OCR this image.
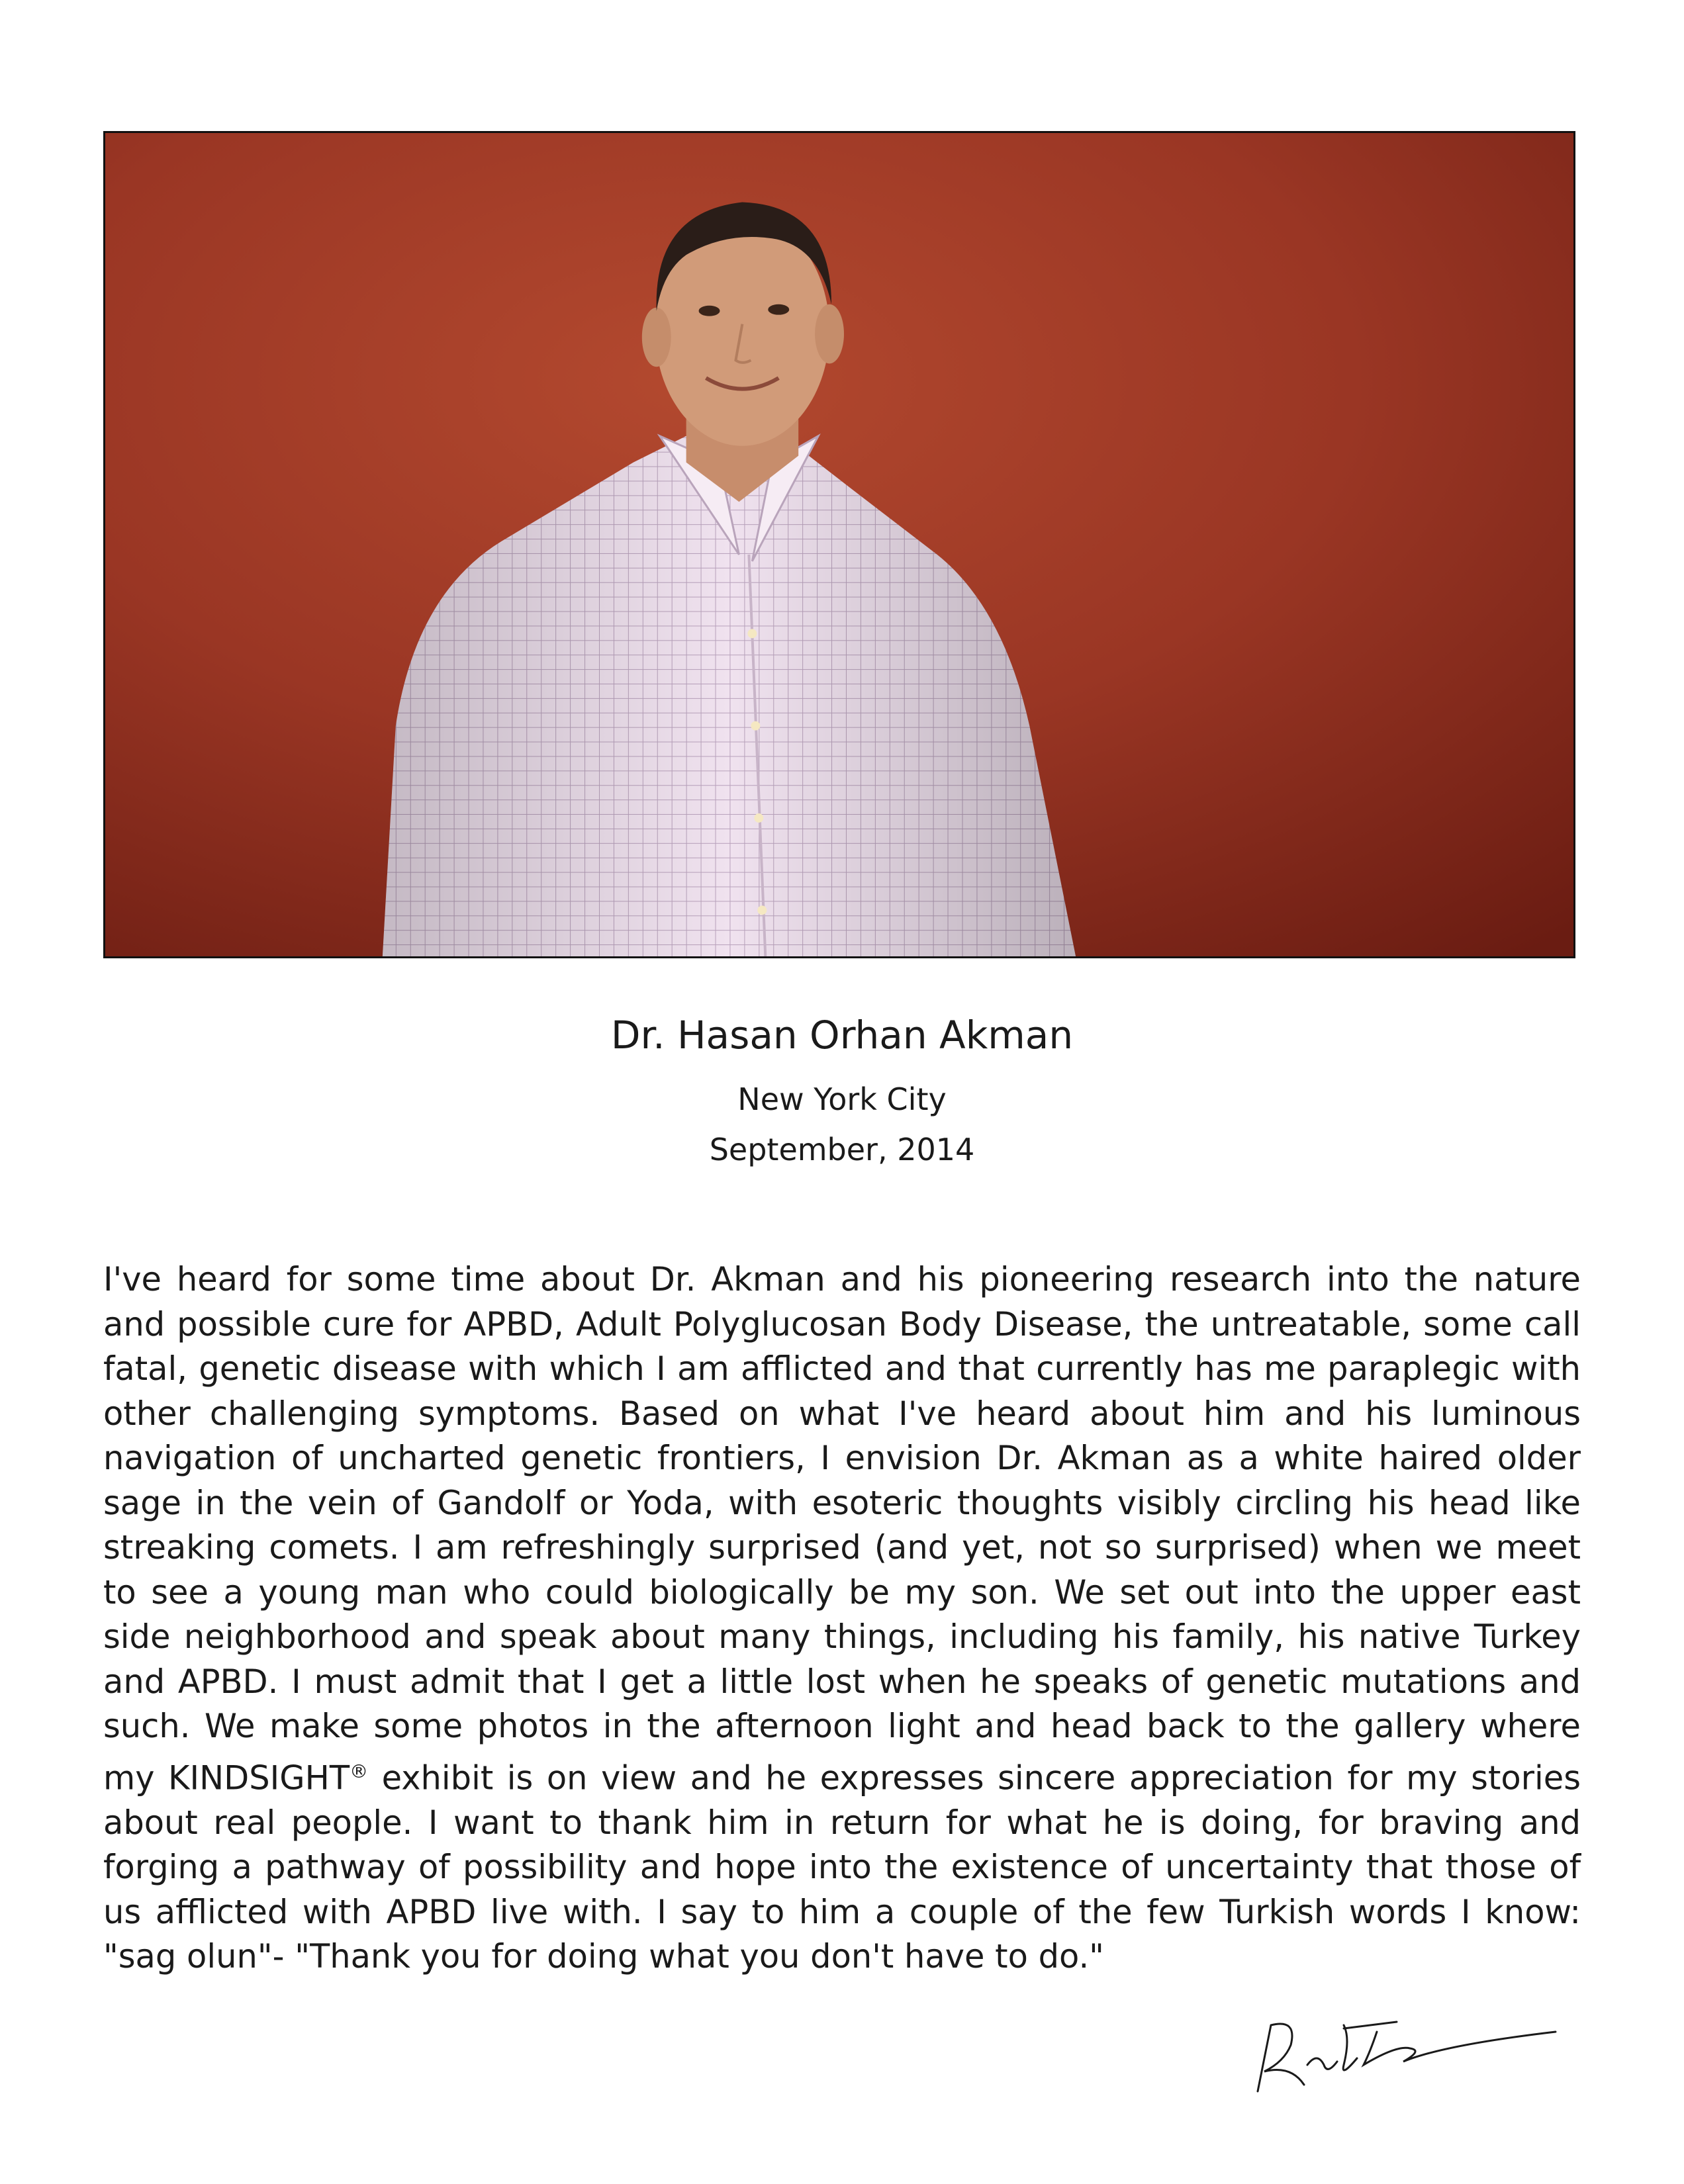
Dr. Hasan Orhan Akman
New York City
September, 2014
I've heard for some time about Dr. Akman and his pioneering research into the nature and possible cure for APBD, Adult Polyglucosan Body Disease, the untreatable, some call fatal, genetic disease with which I am afflicted and that currently has me paraplegic with other challenging symptoms. Based on what I've heard about him and his luminous navigation of uncharted genetic frontiers, I envision Dr. Akman as a white haired older sage in the vein of Gandolf or Yoda, with esoteric thoughts visibly circling his head like streaking comets. I am refreshingly surprised (and yet, not so surprised) when we meet to see a young man who could biologically be my son. We set out into the upper east side neighborhood and speak about many things, including his family, his native Turkey and APBD. I must admit that I get a little lost when he speaks of genetic mutations and such. We make some photos in the afternoon light and head back to the gallery where my KINDSIGHT® exhibit is on view and he expresses sincere appreciation for my stories about real people. I want to thank him in return for what he is doing, for braving and forging a pathway of possibility and hope into the existence of uncertainty that those of us afflicted with APBD live with. I say to him a couple of the few Turkish words I know: "sag olun"- "Thank you for doing what you don't have to do."
